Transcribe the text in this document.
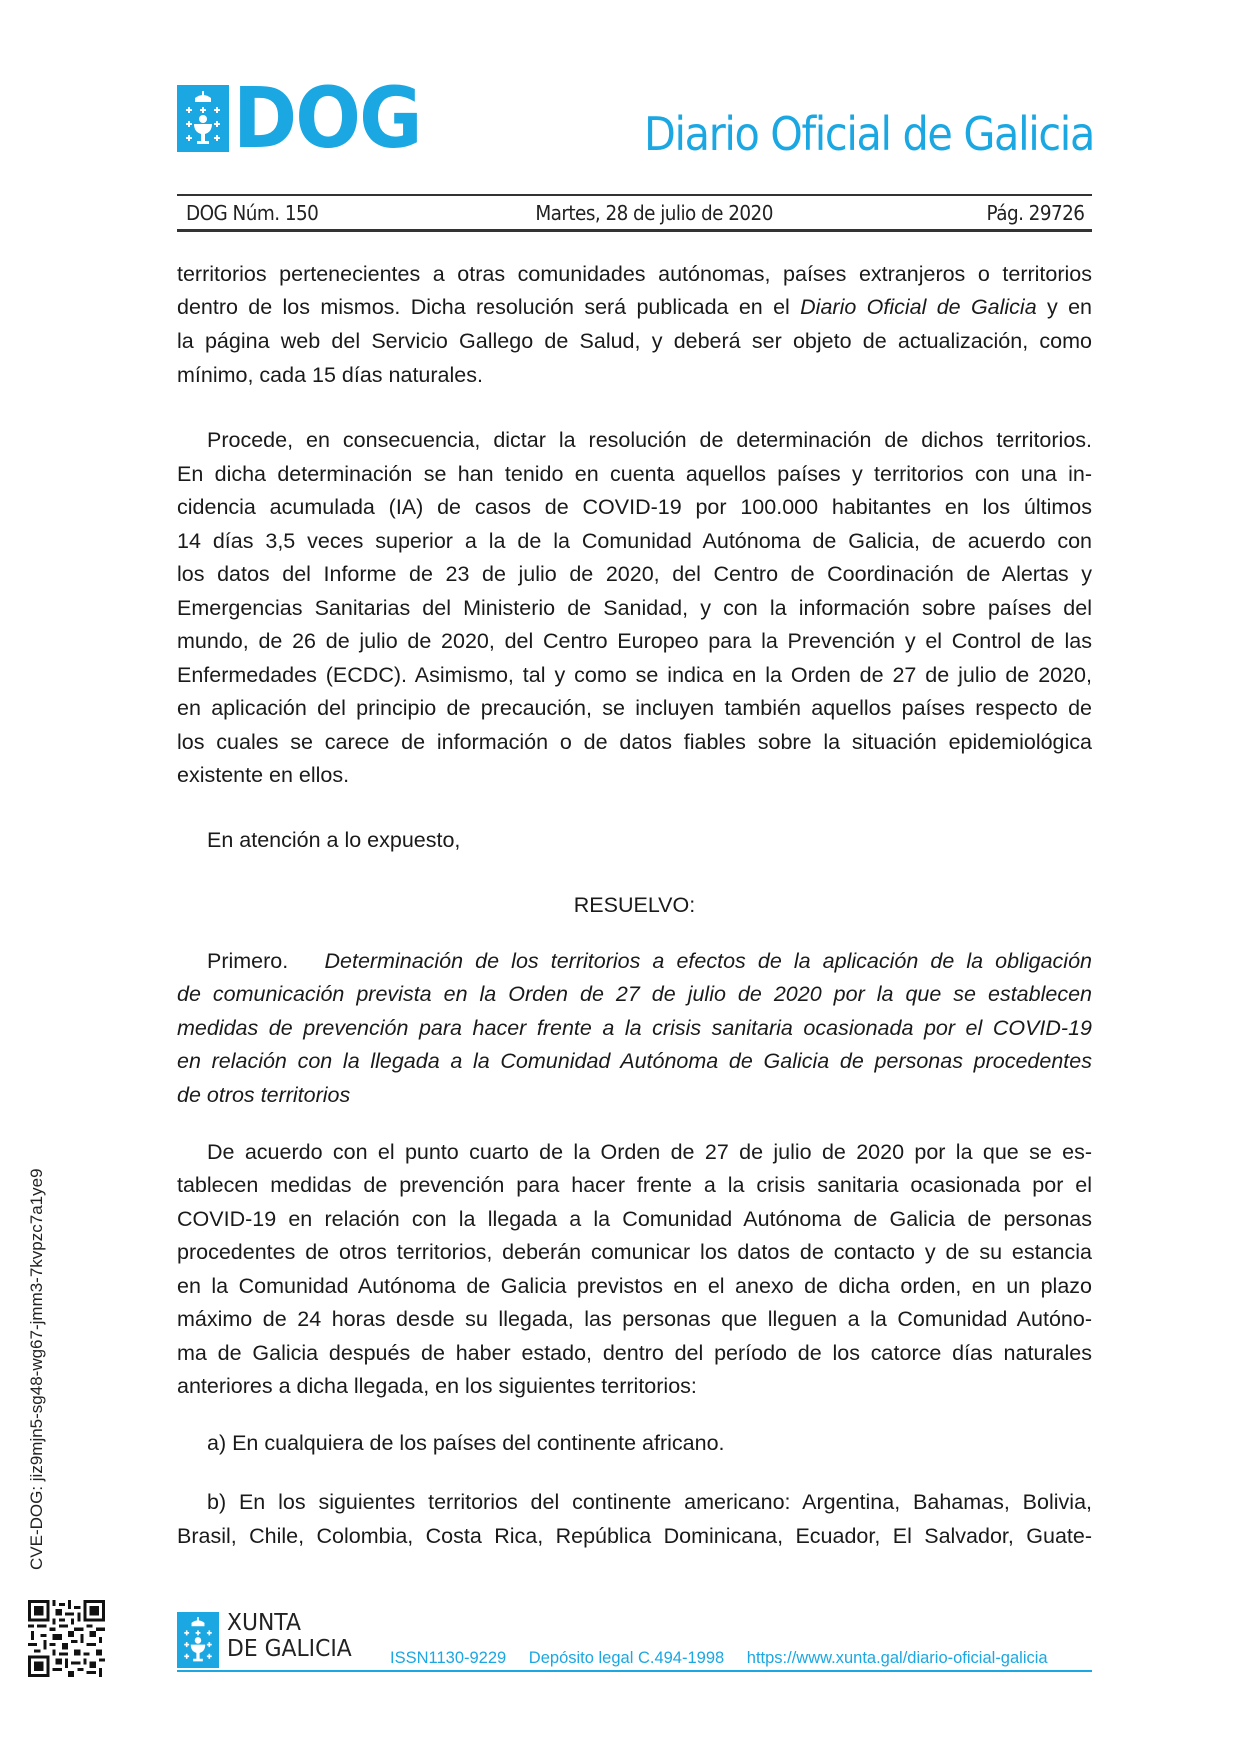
DOG	Diario Oficial de Galicia
DOG Núm. 150	Martes, 28 de julio de 2020	Pág. 29726
territorios pertenecientes a otras comunidades autónomas, países extranjeros o territorios
dentro de los mismos. Dicha resolución será publicada en el Diario Oficial de Galicia y en
la página web del Servicio Gallego de Salud, y deberá ser objeto de actualización, como
mínimo, cada 15 días naturales.
Procede, en consecuencia, dictar la resolución de determinación de dichos territorios.
En dicha determinación se han tenido en cuenta aquellos países y territorios con una in-
cidencia acumulada (IA) de casos de COVID-19 por 100.000 habitantes en los últimos
14 días 3,5 veces superior a la de la Comunidad Autónoma de Galicia, de acuerdo con
los datos del Informe de 23 de julio de 2020, del Centro de Coordinación de Alertas y
Emergencias Sanitarias del Ministerio de Sanidad, y con la información sobre países del
mundo, de 26 de julio de 2020, del Centro Europeo para la Prevención y el Control de las
Enfermedades (ECDC). Asimismo, tal y como se indica en la Orden de 27 de julio de 2020,
en aplicación del principio de precaución, se incluyen también aquellos países respecto de
los cuales se carece de información o de datos fiables sobre la situación epidemiológica
existente en ellos.
En atención a lo expuesto,
RESUELVO:
Primero. Determinación de los territorios a efectos de la aplicación de la obligación
de comunicación prevista en la Orden de 27 de julio de 2020 por la que se establecen
medidas de prevención para hacer frente a la crisis sanitaria ocasionada por el COVID-19
en relación con la llegada a la Comunidad Autónoma de Galicia de personas procedentes
de otros territorios
De acuerdo con el punto cuarto de la Orden de 27 de julio de 2020 por la que se es-
tablecen medidas de prevención para hacer frente a la crisis sanitaria ocasionada por el
COVID-19 en relación con la llegada a la Comunidad Autónoma de Galicia de personas
procedentes de otros territorios, deberán comunicar los datos de contacto y de su estancia
en la Comunidad Autónoma de Galicia previstos en el anexo de dicha orden, en un plazo
máximo de 24 horas desde su llegada, las personas que lleguen a la Comunidad Autóno-
ma de Galicia después de haber estado, dentro del período de los catorce días naturales
anteriores a dicha llegada, en los siguientes territorios:
a) En cualquiera de los países del continente africano.
b) En los siguientes territorios del continente americano: Argentina, Bahamas, Bolivia,
Brasil, Chile, Colombia, Costa Rica, República Dominicana, Ecuador, El Salvador, Guate-
CVE-DOG: jiz9mjn5-sg48-wg67-jmm3-7kvpzc7a1ye9
XUNTA
DE GALICIA ISSN1130-9229 Depósito legal C.494-1998 https://www.xunta.gal/diario-oficial-galicia
